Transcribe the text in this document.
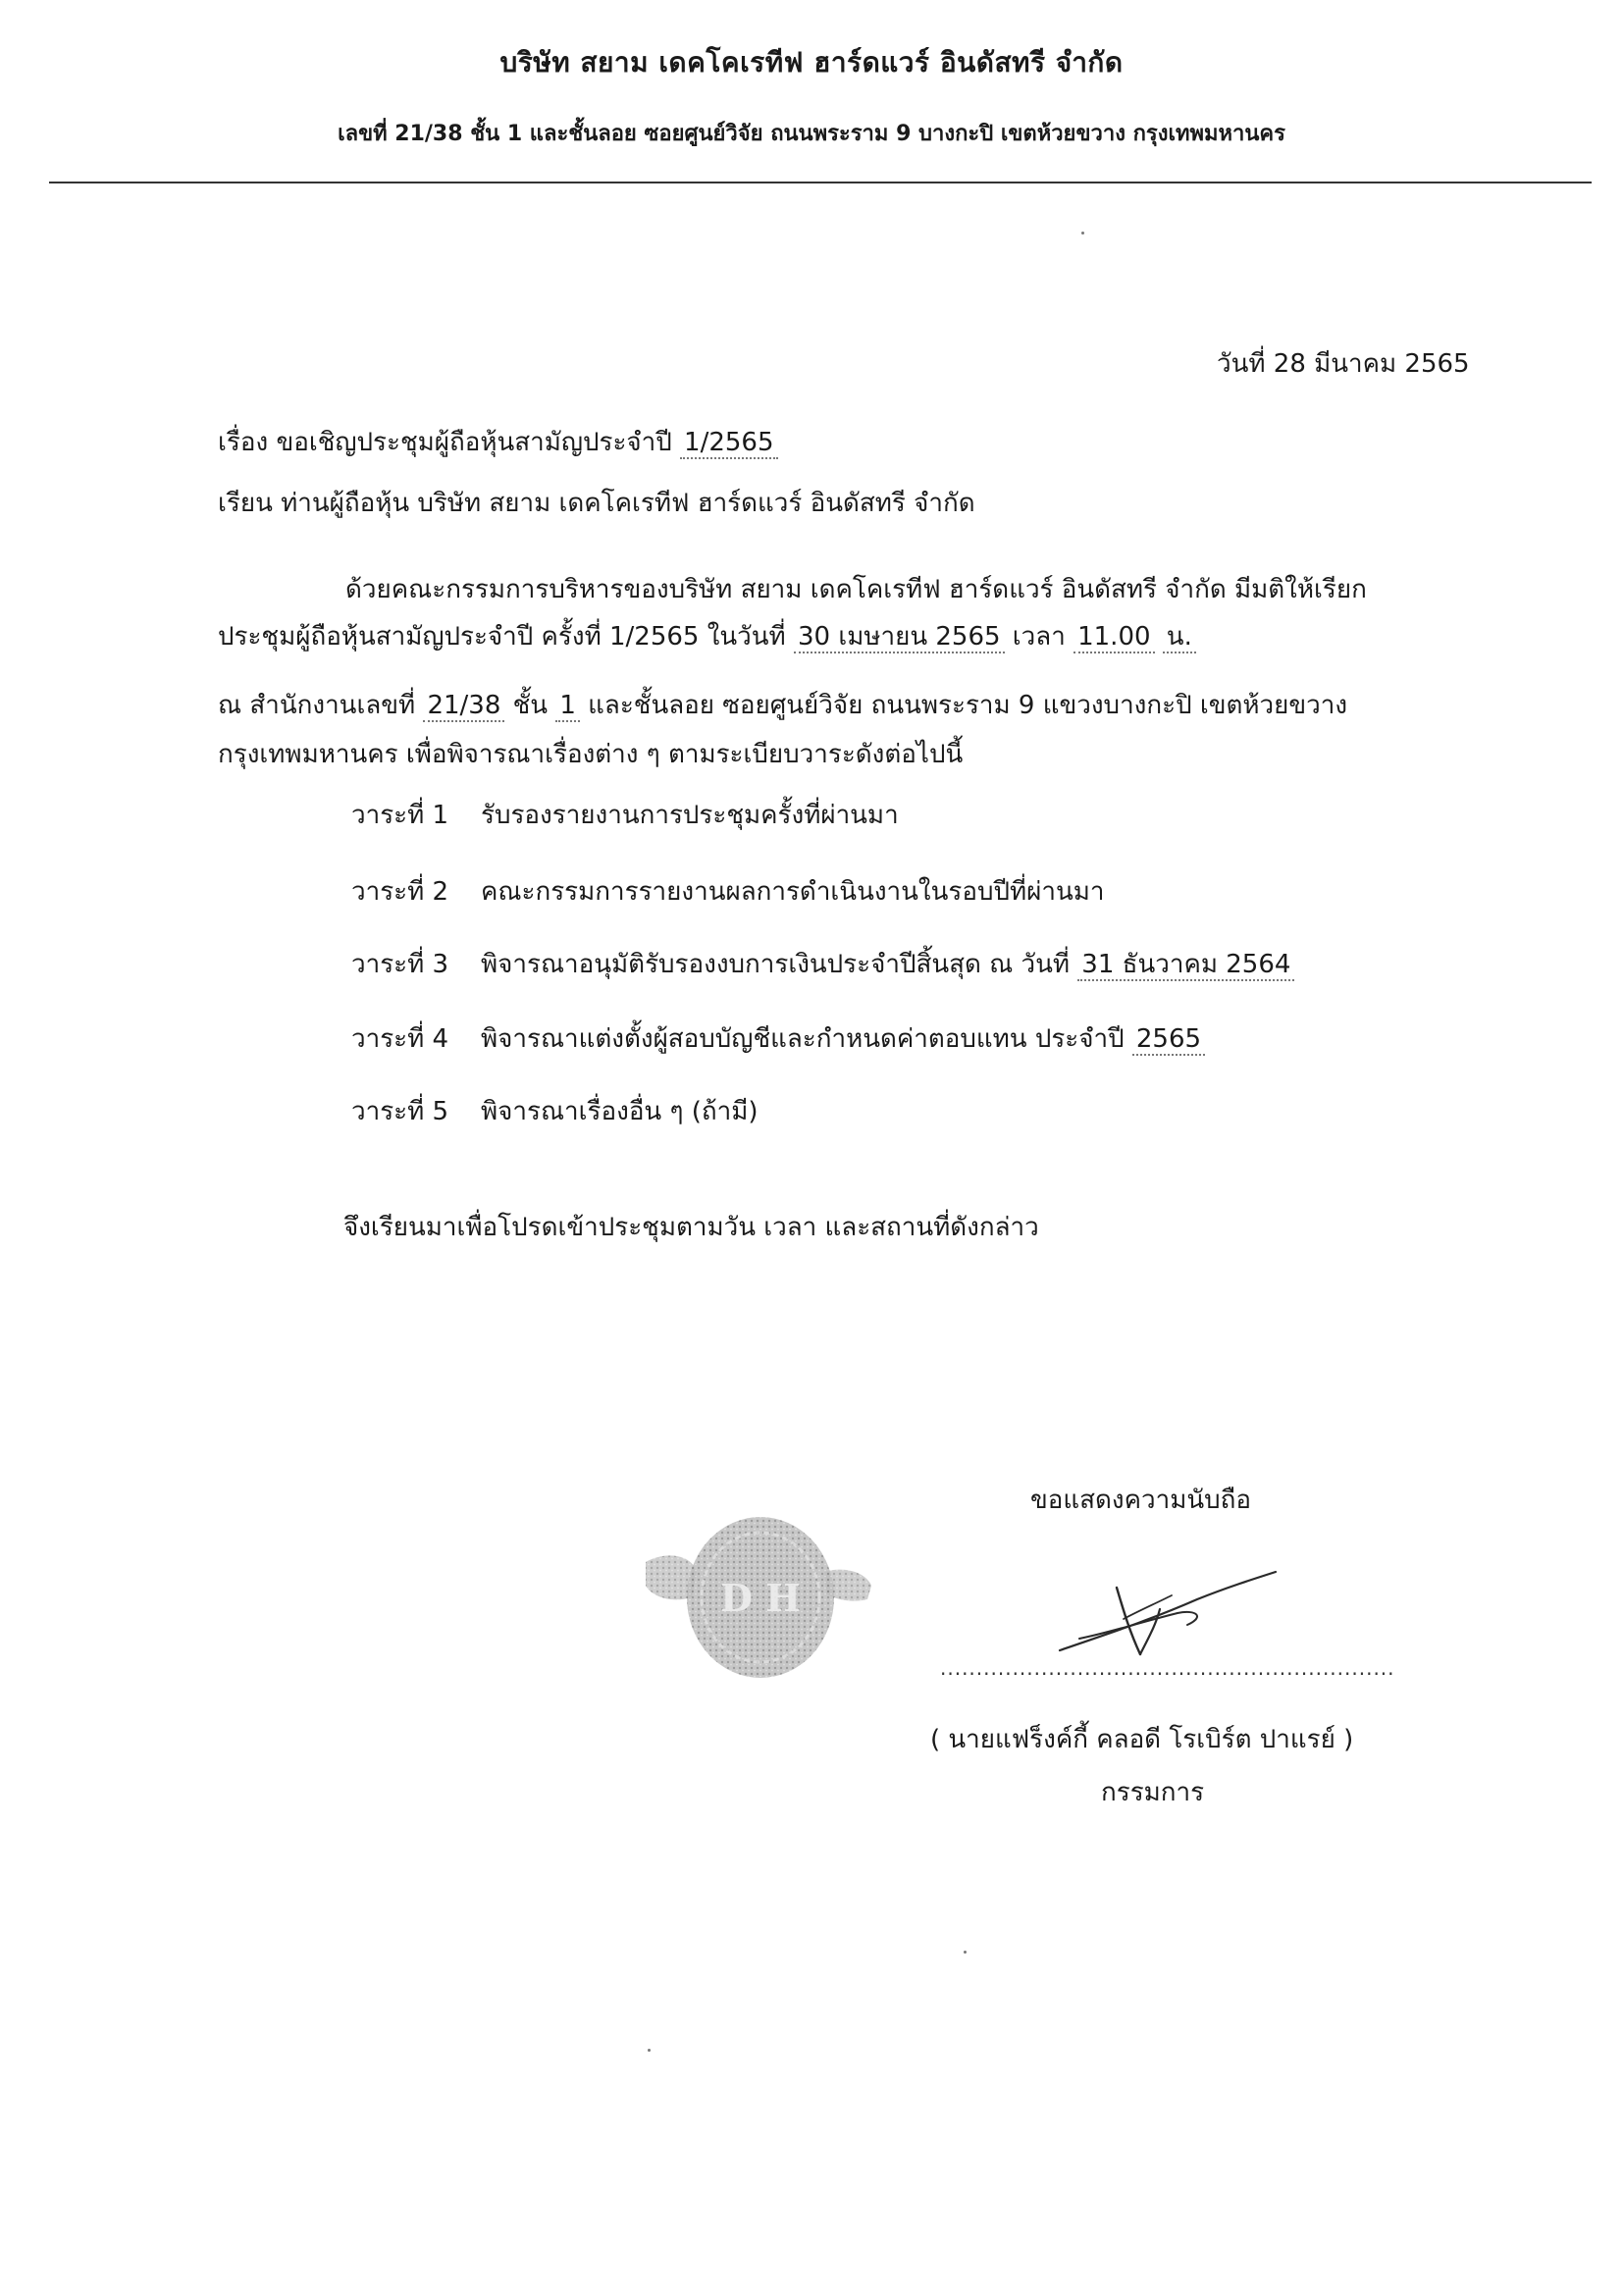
บริษัท สยาม เดคโคเรทีฟ ฮาร์ดแวร์ อินดัสทรี จำกัด
เลขที่ 21/38 ชั้น 1 และชั้นลอย ซอยศูนย์วิจัย ถนนพระราม 9 บางกะปิ เขตห้วยขวาง กรุงเทพมหานคร
วันที่ 28 มีนาคม 2565
เรื่อง ขอเชิญประชุมผู้ถือหุ้นสามัญประจำปี 1/2565
เรียน ท่านผู้ถือหุ้น บริษัท สยาม เดคโคเรทีฟ ฮาร์ดแวร์ อินดัสทรี จำกัด
ด้วยคณะกรรมการบริหารของบริษัท สยาม เดคโคเรทีฟ ฮาร์ดแวร์ อินดัสทรี จำกัด มีมติให้เรียก
ประชุมผู้ถือหุ้นสามัญประจำปี ครั้งที่ 1/2565 ในวันที่ 30 เมษายน 2565 เวลา 11.00 น.
ณ สำนักงานเลขที่ 21/38 ชั้น 1 และชั้นลอย ซอยศูนย์วิจัย ถนนพระราม 9 แขวงบางกะปิ เขตห้วยขวาง
กรุงเทพมหานคร เพื่อพิจารณาเรื่องต่าง ๆ ตามระเบียบวาระดังต่อไปนี้
วาระที่ 1 รับรองรายงานการประชุมครั้งที่ผ่านมา
วาระที่ 2 คณะกรรมการรายงานผลการดำเนินงานในรอบปีที่ผ่านมา
วาระที่ 3 พิจารณาอนุมัติรับรองงบการเงินประจำปีสิ้นสุด ณ วันที่ 31 ธันวาคม 2564
วาระที่ 4 พิจารณาแต่งตั้งผู้สอบบัญชีและกำหนดค่าตอบแทน ประจำปี 2565
วาระที่ 5 พิจารณาเรื่องอื่น ๆ (ถ้ามี)
จึงเรียนมาเพื่อโปรดเข้าประชุมตามวัน เวลา และสถานที่ดังกล่าว
ขอแสดงความนับถือ
D H
...............................................................
( นายแฟร็งค์กี้ คลอดี โรเบิร์ต ปาแรย์ )
กรรมการ
